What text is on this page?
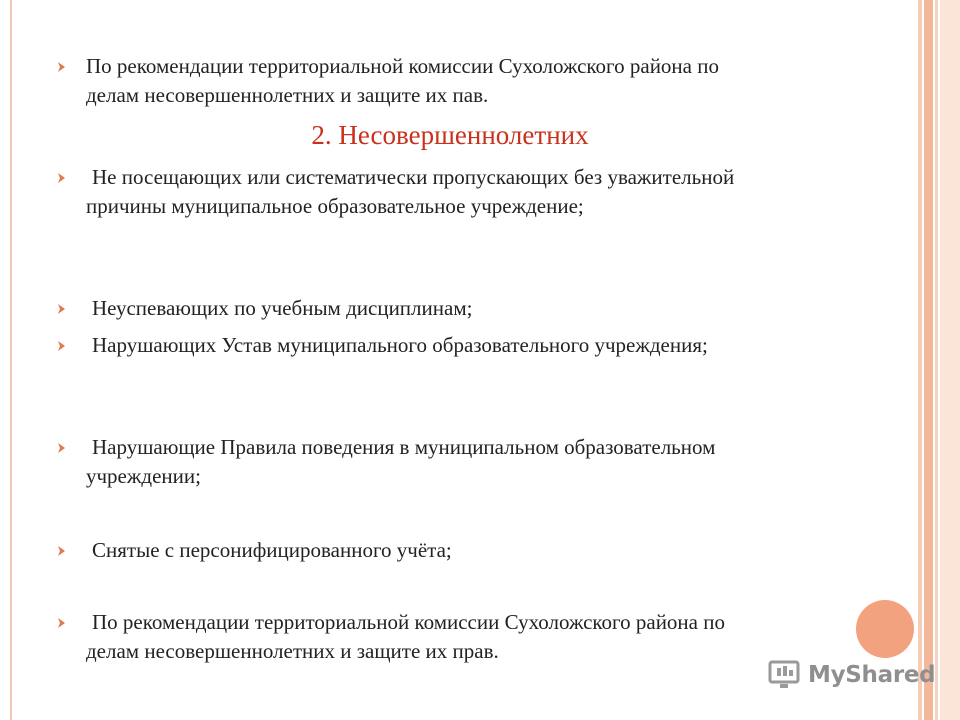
По рекомендации территориальной комиссии Сухоложского района по делам несовершеннолетних и защите их пав.
2. Несовершеннолетних
Не посещающих или систематически пропускающих без уважительной причины муниципальное образовательное учреждение;
Неуспевающих по учебным дисциплинам;
Нарушающих Устав муниципального образовательного учреждения;
Нарушающие Правила поведения в муниципальном образовательном учреждении;
Снятые с персонифицированного учёта;
По рекомендации территориальной комиссии Сухоложского района по делам несовершеннолетних и защите их прав.
MyShared
